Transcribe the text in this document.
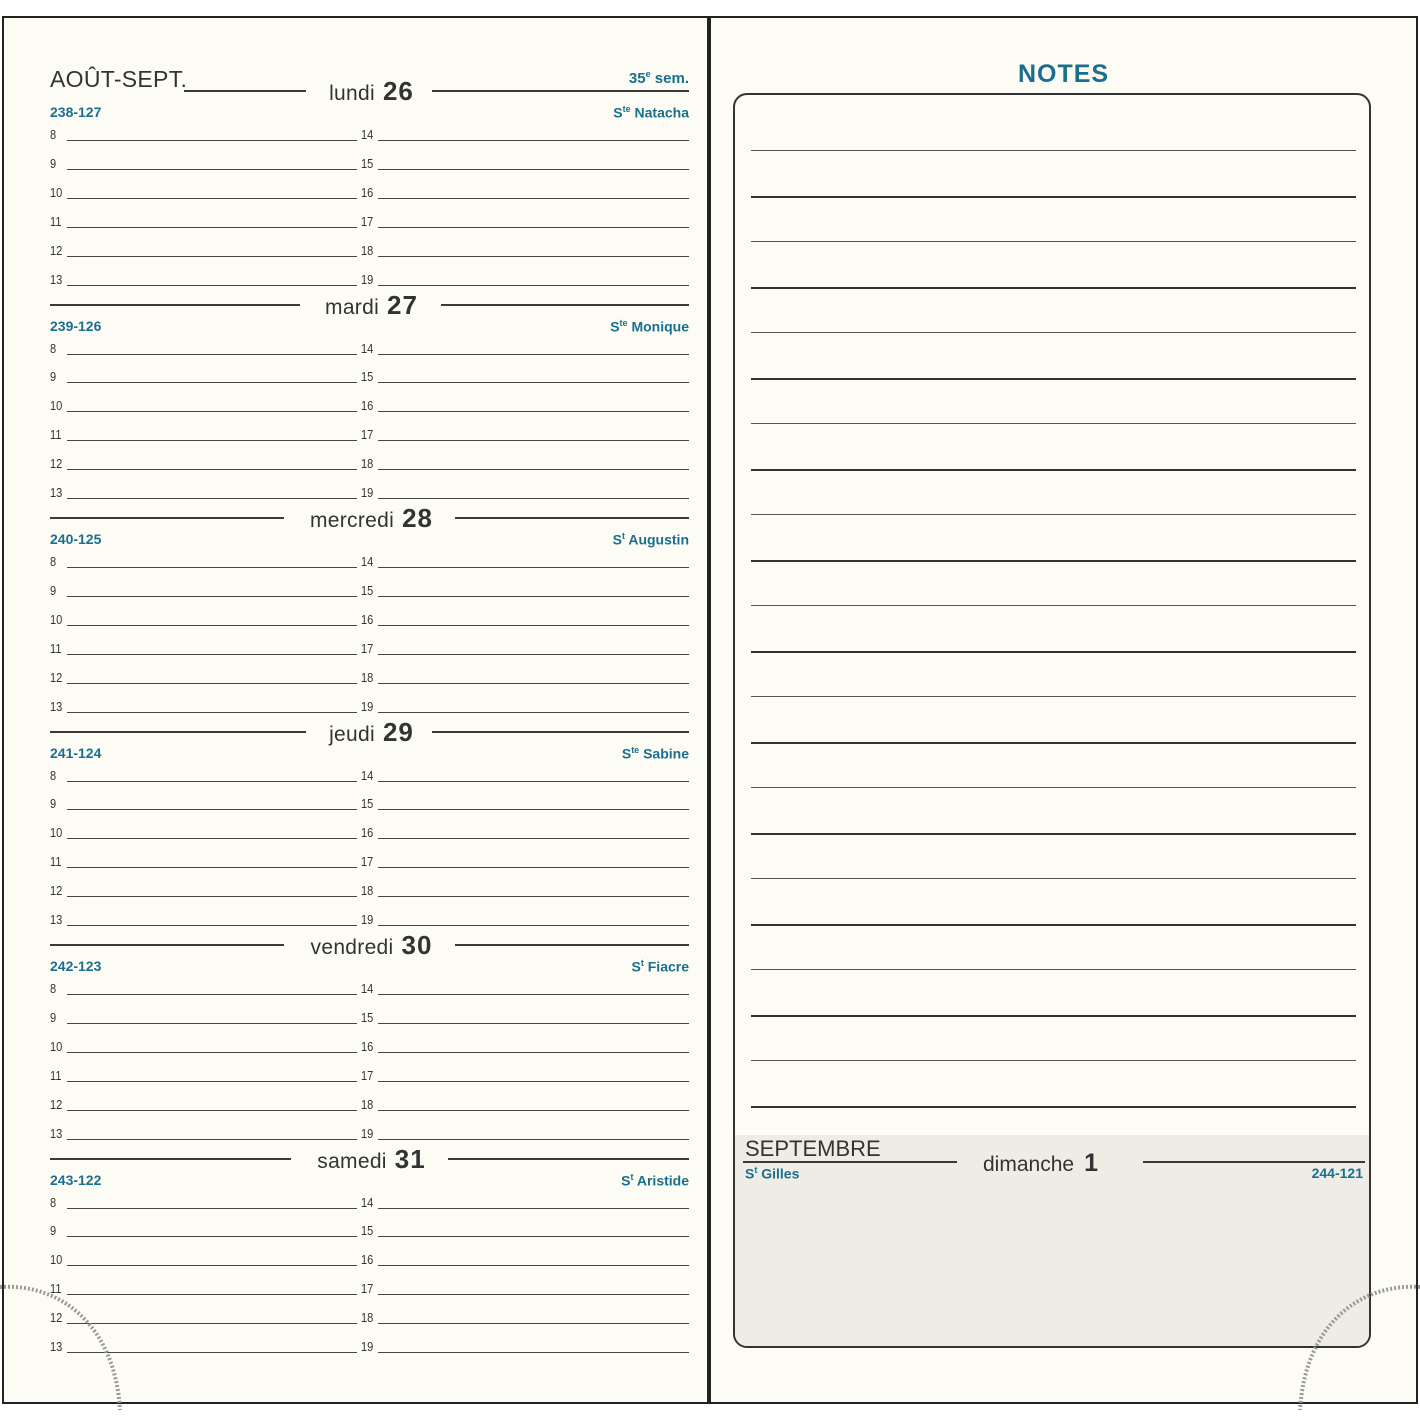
AOÛT-SEPT.	35e sem.
lundi 26
238-127	$S^{te}$ Natacha
8	14
9	15
10	16
11	17
12	18
13	19
mardi 27
239-126	$S^{te}$ Monique
8	14
9	15
10	16
11	17
12	18
13	19
mercredi 28
240-125	$S^t$ Augustin
8	14
9	15
10	16
11	17
12	18
13	19
jeudi 29
241-124	$S^{te}$ Sabine
8	14
9	15
10	16
11	17
12	18
13	19
vendredi 30
242-123	$S^t$ Fiacre
8	14
9	15
10	16
11	17
12	18
13	19
samedi 31
243-122	$S^t$ Aristide
8	14
9	15
10	16
11	17
12	18
13	19
NOTES
SEPTEMBRE
dimanche 1
$S^t$ Gilles	244-121
